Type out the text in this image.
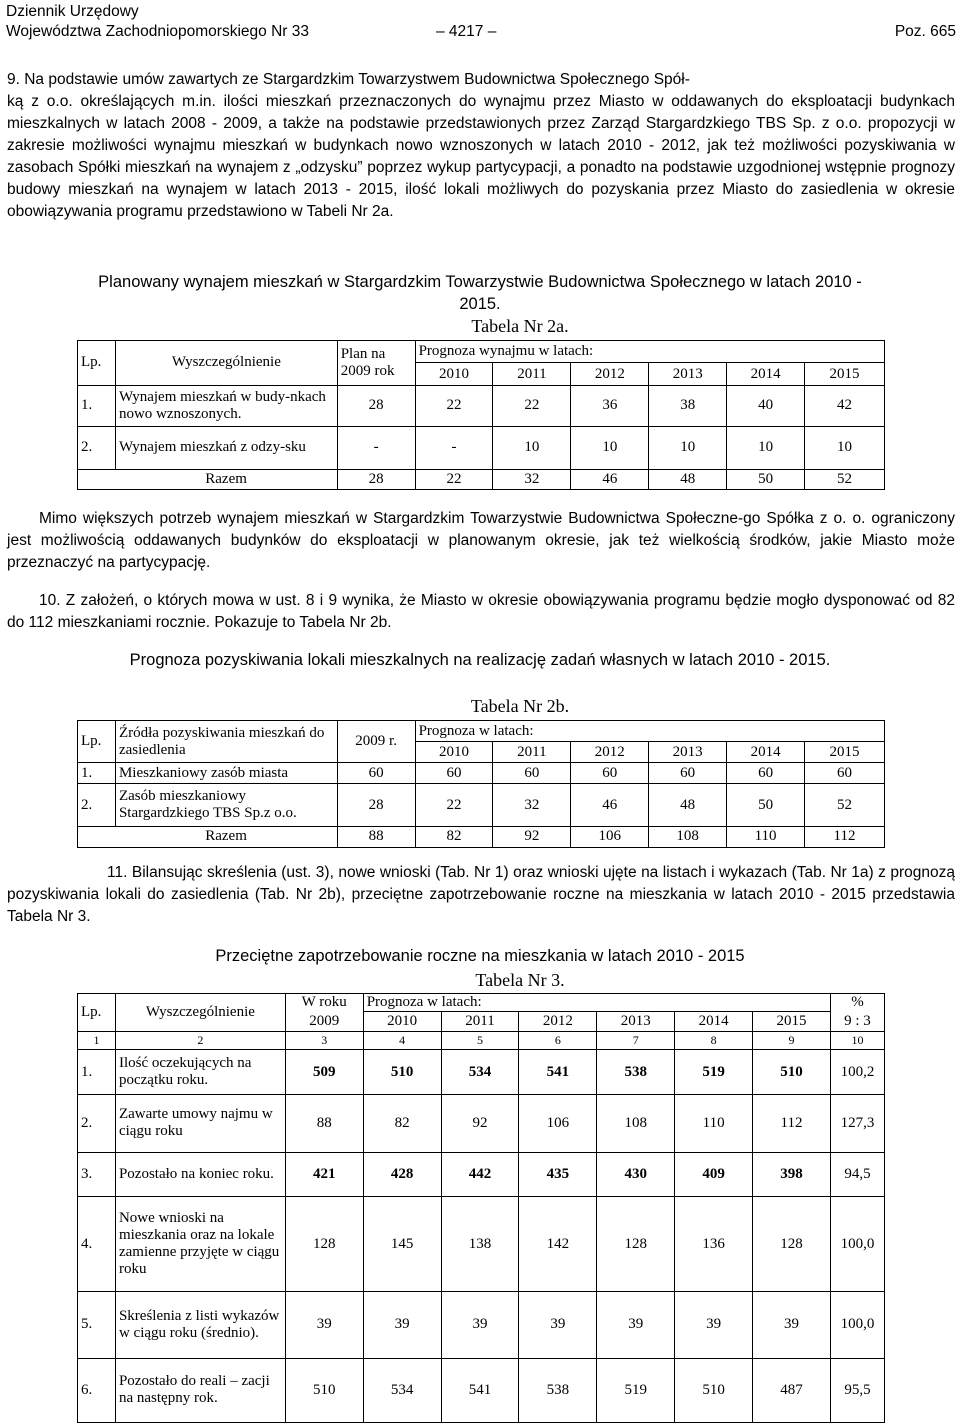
Dziennik Urzędowy
Województwa Zachodniopomorskiego Nr 33	– 4217 –	Poz. 665

9. Na podstawie umów zawartych ze Stargardzkim Towarzystwem Budownictwa Społecznego Spół-

ką z o.o. określających m.in. ilości mieszkań przeznaczonych do wynajmu przez Miasto w oddawanych do eksploatacji budynkach mieszkalnych w latach 2008 - 2009, a także na podstawie przedstawionych przez Zarząd Stargardzkiego TBS Sp. z o.o. propozycji w zakresie możliwości wynajmu mieszkań w budynkach nowo wznoszonych w latach 2010 - 2012, jak też możliwości pozyskiwania w zasobach Spółki mieszkań na wynajem z „odzysku” poprzez wykup partycypacji, a ponadto na podstawie uzgodnionej wstępnie prognozy budowy mieszkań na wynajem w latach 2013 - 2015, ilość lokali możliwych do pozyskania przez Miasto do zasiedlenia w okresie obowiązywania programu przedstawiono w Tabeli Nr 2a.

Planowany wynajem mieszkań w Stargardzkim Towarzystwie Budownictwa Społecznego w latach 2010 - 2015.
Tabela Nr 2a.
Lp.	Wyszczególnienie	Plan na 2009 rok	Prognoza wynajmu w latach:					
			2010	2011	2012	2013	2014	2015
1.	Wynajem mieszkań w budy-nkach nowo wznoszonych.	28	22	22	36	38	40	42
2.	Wynajem mieszkań z odzy-sku	-	-	10	10	10	10	10
	Razem	28	22	32	46	48	50	52
Mimo większych potrzeb wynajem mieszkań w Stargardzkim Towarzystwie Budownictwa Społeczne-go Spółka z o. o. ograniczony jest możliwością oddawanych budynków do eksploatacji w planowanym okresie, jak też wielkością środków, jakie Miasto może przeznaczyć na partycypację.
10. Z założeń, o których mowa w ust. 8 i 9 wynika, że Miasto w okresie obowiązywania programu będzie mogło dysponować od 82 do 112 mieszkaniami rocznie. Pokazuje to Tabela Nr 2b.
Prognoza pozyskiwania lokali mieszkalnych na realizację zadań własnych w latach 2010 - 2015.
Tabela Nr 2b.
Lp.	Źródła pozyskiwania mieszkań do zasiedlenia	2009 r.	Prognoza w latach:					
			2010	2011	2012	2013	2014	2015
1.	Mieszkaniowy zasób miasta	60	60	60	60	60	60	60
2.	Zasób mieszkaniowy Stargardzkiego TBS Sp.z o.o.	28	22	32	46	48	50	52
	Razem	88	82	92	106	108	110	112
11. Bilansując skreślenia (ust. 3), nowe wnioski (Tab. Nr 1) oraz wnioski ujęte na listach i wykazach (Tab. Nr 1a) z prognozą pozyskiwania lokali do zasiedlenia (Tab. Nr 2b), przeciętne zapotrzebowanie roczne na mieszkania w latach 2010 - 2015 przedstawia Tabela Nr 3.
Przeciętne zapotrzebowanie roczne na mieszkania w latach 2010 - 2015
Tabela Nr 3.
Lp.	Wyszczególnienie	W roku	Prognoza w latach:						%
		2009	2010	2011	2012	2013	2014	2015	9 : 3
1	2	3	4	5	6	7	8	9	10
1.	Ilość oczekujących na początku roku.	509	510	534	541	538	519	510	100,2
2.	Zawarte umowy najmu w ciągu roku	88	82	92	106	108	110	112	127,3
3.	Pozostało na koniec roku.	421	428	442	435	430	409	398	94,5
4.	Nowe wnioski na mieszkania oraz na lokale zamienne przyjęte w ciągu roku	128	145	138	142	128	136	128	100,0
5.	Skreślenia z listi wykazów w ciągu roku (średnio).	39	39	39	39	39	39	39	100,0
6.	Pozostało do reali – zacji na następny rok.	510	534	541	538	519	510	487	95,5
